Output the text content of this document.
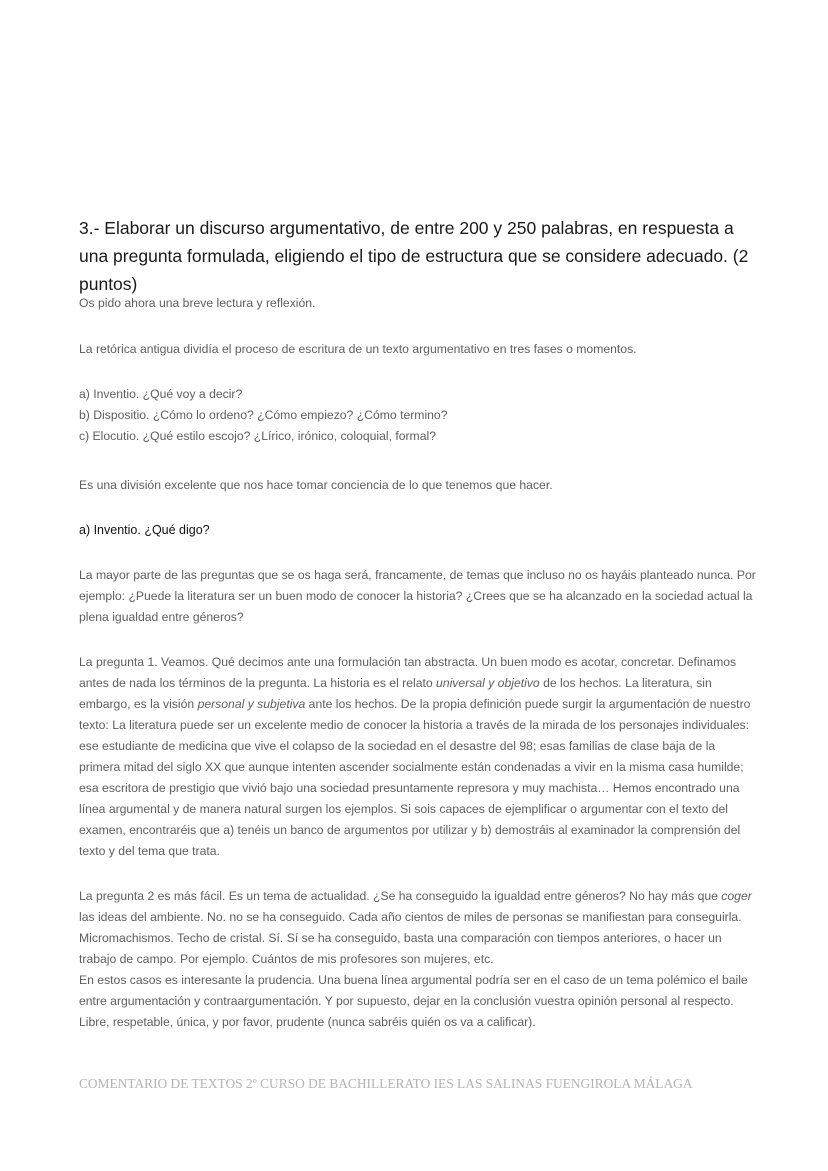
3.- Elaborar un discurso argumentativo, de entre 200 y 250 palabras, en respuesta a una pregunta formulada, eligiendo el tipo de estructura que se considere adecuado. (2 puntos)

Os pido ahora una breve lectura y reflexión.

La retórica antigua dividía el proceso de escritura de un texto argumentativo en tres fases o momentos.

a) Inventio. ¿Qué voy a decir?
b) Dispositio. ¿Cómo lo ordeno? ¿Cómo empiezo? ¿Cómo termino?
c) Elocutio. ¿Qué estilo escojo? ¿Lírico, irónico, coloquial, formal?

Es una división excelente que nos hace tomar conciencia de lo que tenemos que hacer.

a) Inventio. ¿Qué digo?

La mayor parte de las preguntas que se os haga será, francamente, de temas que incluso no os hayáis planteado nunca. Por ejemplo: ¿Puede la literatura ser un buen modo de conocer la historia? ¿Crees que se ha alcanzado en la sociedad actual la plena igualdad entre géneros?

La pregunta 1. Veamos. Qué decimos ante una formulación tan abstracta. Un buen modo es acotar, concretar. Definamos antes de nada los términos de la pregunta. La historia es el relato universal y objetivo de los hechos. La literatura, sin embargo, es la visión personal y subjetiva ante los hechos. De la propia definición puede surgir la argumentación de nuestro texto: La literatura puede ser un excelente medio de conocer la historia a través de la mirada de los personajes individuales: ese estudiante de medicina que vive el colapso de la sociedad en el desastre del 98; esas familias de clase baja de la primera mitad del siglo XX que aunque intenten ascender socialmente están condenadas a vivir en la misma casa humilde; esa escritora de prestigio que vivió bajo una sociedad presuntamente represora y muy machista… Hemos encontrado una línea argumental y de manera natural surgen los ejemplos. Si sois capaces de ejemplificar o argumentar con el texto del examen, encontraréis que a) tenéis un banco de argumentos por utilizar y b) demostráis al examinador la comprensión del texto y del tema que trata.

La pregunta 2 es más fácil. Es un tema de actualidad. ¿Se ha conseguido la igualdad entre géneros? No hay más que coger las ideas del ambiente. No. no se ha conseguido. Cada año cientos de miles de personas se manifiestan para conseguirla. Micromachismos. Techo de cristal. Sí. Sí se ha conseguido, basta una comparación con tiempos anteriores, o hacer un trabajo de campo. Por ejemplo. Cuántos de mis profesores son mujeres, etc.
En estos casos es interesante la prudencia. Una buena línea argumental podría ser en el caso de un tema polémico el baile entre argumentación y contraargumentación. Y por supuesto, dejar en la conclusión vuestra opinión personal al respecto. Libre, respetable, única, y por favor, prudente (nunca sabréis quién os va a calificar).

COMENTARIO DE TEXTOS 2º CURSO DE BACHILLERATO IES LAS SALINAS FUENGIROLA MÁLAGA
